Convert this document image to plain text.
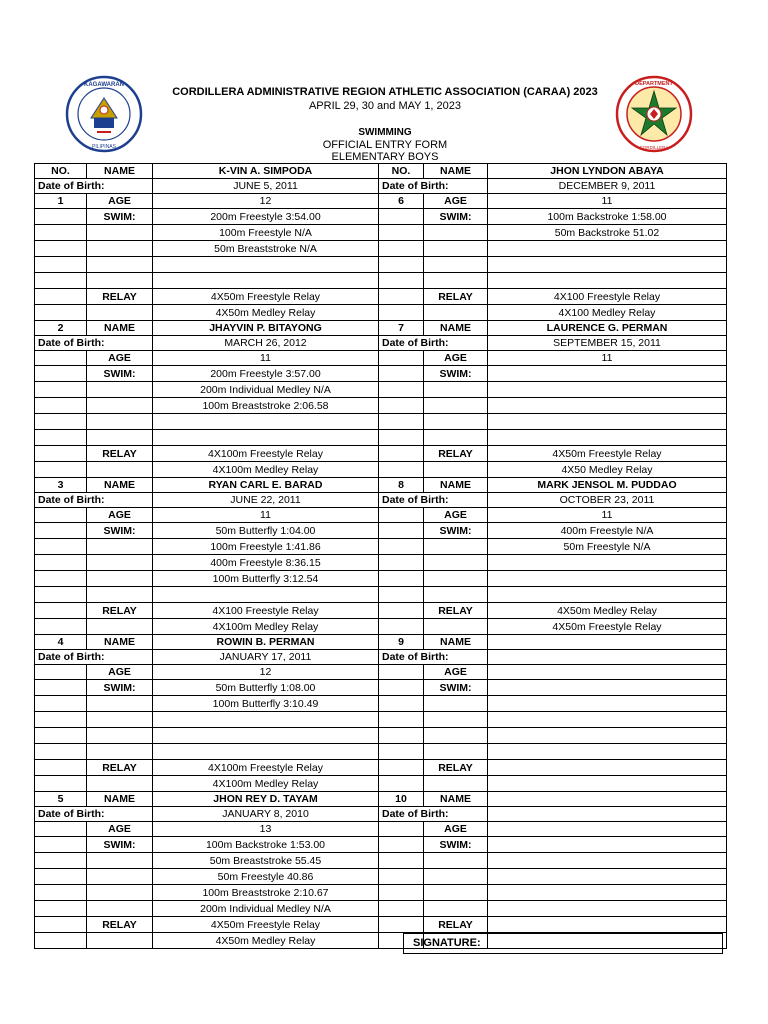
KAGAWARAN
PILIPINAS
DEPARTMENT
CORDILLERA
CORDILLERA ADMINISTRATIVE REGION ATHLETIC ASSOCIATION (CARAA) 2023
APRIL 29, 30 and MAY 1, 2023
SWIMMING
OFFICIAL ENTRY FORM
ELEMENTARY BOYS
NO.	NAME	K-VIN A. SIMPODA	NO.	NAME	JHON LYNDON ABAYA
Date of Birth:		JUNE 5, 2011	Date of Birth:		DECEMBER 9, 2011
1	AGE	12	6	AGE	11
	SWIM:	200m Freestyle 3:54.00		SWIM:	100m Backstroke 1:58.00
		100m Freestyle N/A			50m Backstroke 51.02
		50m Breaststroke N/A			

	RELAY	4X50m Freestyle Relay		RELAY	4X100 Freestyle Relay
		4X50m Medley Relay			4X100 Medley Relay
2	NAME	JHAYVIN P. BITAYONG	7	NAME	LAURENCE G. PERMAN
Date of Birth:		MARCH 26, 2012	Date of Birth:		SEPTEMBER 15, 2011
	AGE	11		AGE	11
	SWIM:	200m Freestyle 3:57.00		SWIM:	
		200m Individual Medley N/A			
		100m Breaststroke 2:06.58			

	RELAY	4X100m Freestyle Relay		RELAY	4X50m Freestyle Relay
		4X100m Medley Relay			4X50 Medley Relay
3	NAME	RYAN CARL E. BARAD	8	NAME	MARK JENSOL M. PUDDAO
Date of Birth:		JUNE 22, 2011	Date of Birth:		OCTOBER 23, 2011
	AGE	11		AGE	11
	SWIM:	50m Butterfly 1:04.00		SWIM:	400m Freestyle N/A
		100m Freestyle 1:41.86			50m Freestyle N/A
		400m Freestyle 8:36.15			
		100m Butterfly 3:12.54			

	RELAY	4X100 Freestyle Relay		RELAY	4X50m Medley Relay
		4X100m Medley Relay			4X50m Freestyle Relay
4	NAME	ROWIN B. PERMAN	9	NAME	
Date of Birth:		JANUARY 17, 2011	Date of Birth:		
	AGE	12		AGE	
	SWIM:	50m Butterfly 1:08.00		SWIM:	
		100m Butterfly 3:10.49			

	RELAY	4X100m Freestyle Relay		RELAY	
		4X100m Medley Relay			
5	NAME	JHON REY D. TAYAM	10	NAME	
Date of Birth:		JANUARY 8, 2010	Date of Birth:		
	AGE	13		AGE	
	SWIM:	100m Backstroke 1:53.00		SWIM:	
		50m Breaststroke 55.45			
		50m Freestyle 40.86			
		100m Breaststroke 2:10.67			
		200m Individual Medley N/A			
	RELAY	4X50m Freestyle Relay		RELAY	
		4X50m Medley Relay				SIGNATURE:
